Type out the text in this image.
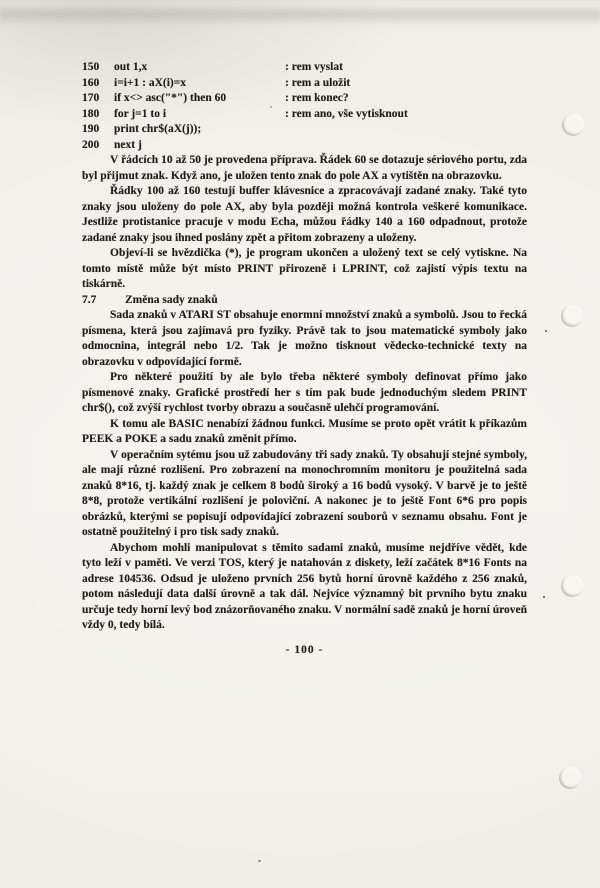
150	out 1,x	: rem vyslat
160	i=i+1 : aX(i)=x	: rem a uložit
170	if x<> asc("*") then 60	: rem konec?
180	for j=1 to i	: rem ano, vše vytisknout
190	print chr$(aX(j));
200	next j

V řádcích 10 až 50 je provedena příprava. Řádek 60 se dotazuje sériového portu, zda byl přijmut znak. Když ano, je uložen tento znak do pole AX a vytištěn na obrazovku.

Řádky 100 až 160 testují buffer klávesnice a zpracovávají zadané znaky. Také tyto znaky jsou uloženy do pole AX, aby byla později možná kontrola veškeré komunikace. Jestliže protistanice pracuje v modu Echa, můžou řádky 140 a 160 odpadnout, protože zadané znaky jsou ihned poslány zpět a přitom zobrazeny a uloženy.

Objeví-li se hvězdička (*), je program ukončen a uložený text se celý vytiskne. Na tomto místě může být místo PRINT přirozeně i LPRINT, což zajistí výpis textu na tiskárně.

7.7	Změna sady znaků

Sada znaků v ATARI ST obsahuje enormní množství znaků a symbolů. Jsou to řecká písmena, která jsou zajímavá pro fyziky. Právě tak to jsou matematické symboly jako odmocnina, integrál nebo 1/2. Tak je možno tisknout vědecko-technické texty na obrazovku v odpovídající formě.

Pro některé použití by ale bylo třeba některé symboly definovat přímo jako písmenové znaky. Grafické prostředí her s tím pak bude jednoduchým sledem PRINT chr$(), což zvýší rychlost tvorby obrazu a současně ulehčí programování.

K tomu ale BASIC nenabízí žádnou funkci. Musíme se proto opět vrátit k příkazům PEEK a POKE a sadu znaků změnit přímo.

V operačním sytému jsou už zabudovány tři sady znaků. Ty obsahují stejné symboly, ale mají různé rozlišení. Pro zobrazení na monochromním monitoru je použitelná sada znaků 8*16, tj. každý znak je celkem 8 bodů široký a 16 bodů vysoký. V barvě je to ještě 8*8, protože vertikální rozlišení je poloviční. A nakonec je to ještě Font 6*6 pro popis obrázků, kterými se popisují odpovídající zobrazení souborů v seznamu obsahu. Font je ostatně použitelný i pro tisk sady znaků.

Abychom mohli manipulovat s těmito sadami znaků, musíme nejdříve vědět, kde tyto leží v paměti. Ve verzi TOS, který je natahován z diskety, leží začátek 8*16 Fonts na adrese 104536. Odsud je uloženo prvních 256 bytů horní úrovně každého z 256 znaků, potom následují data další úrovně a tak dál. Nejvíce významný bit prvního bytu znaku určuje tedy horní levý bod znázorňovaného znaku. V normální sadě znaků je horní úroveň vždy 0, tedy bílá.

- 100 -
